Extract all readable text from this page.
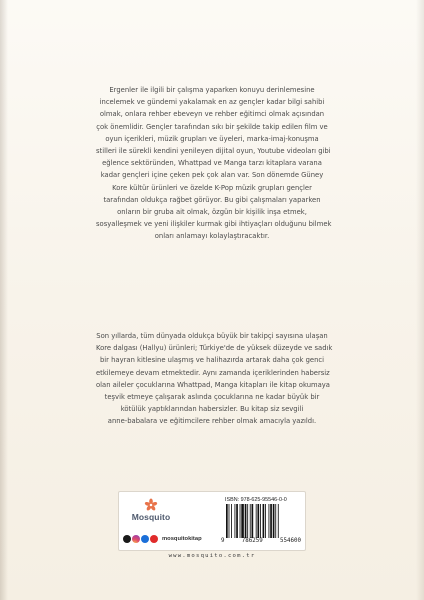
Ergenler ile ilgili bir çalışma yaparken konuyu derinlemesine
incelemek ve gündemi yakalamak en az gençler kadar bilgi sahibi
olmak, onlara rehber ebeveyn ve rehber eğitimci olmak açısından
çok önemlidir. Gençler tarafından sıkı bir şekilde takip edilen film ve
oyun içerikleri, müzik grupları ve üyeleri, marka-imaj-konuşma
stilleri ile sürekli kendini yenileyen dijital oyun, Youtube videoları gibi
eğlence sektöründen, Whattpad ve Manga tarzı kitaplara varana
kadar gençleri içine çeken pek çok alan var. Son dönemde Güney
Kore kültür ürünleri ve özelde K-Pop müzik grupları gençler
tarafından oldukça rağbet görüyor. Bu gibi çalışmaları yaparken
onların bir gruba ait olmak, özgün bir kişilik inşa etmek,
sosyalleşmek ve yeni ilişkiler kurmak gibi ihtiyaçları olduğunu bilmek
onları anlamayı kolaylaştıracaktır.
Son yıllarda, tüm dünyada oldukça büyük bir takipçi sayısına ulaşan
Kore dalgası (Hallyu) ürünleri; Türkiye'de de yüksek düzeyde ve sadık
bir hayran kitlesine ulaşmış ve halihazırda artarak daha çok genci
etkilemeye devam etmektedir. Aynı zamanda içeriklerinden habersiz
olan aileler çocuklarına Whattpad, Manga kitapları ile kitap okumaya
teşvik etmeye çalışarak aslında çocuklarına ne kadar büyük bir
kötülük yaptıklarından habersizler. Bu kitap siz sevgili
anne-babalara ve eğitimcilere rehber olmak amacıyla yazıldı.
Mosquito
mosquitokitap
ISBN: 978-625-95546-0-0
9	786259	554600
www.mosquito.com.tr
